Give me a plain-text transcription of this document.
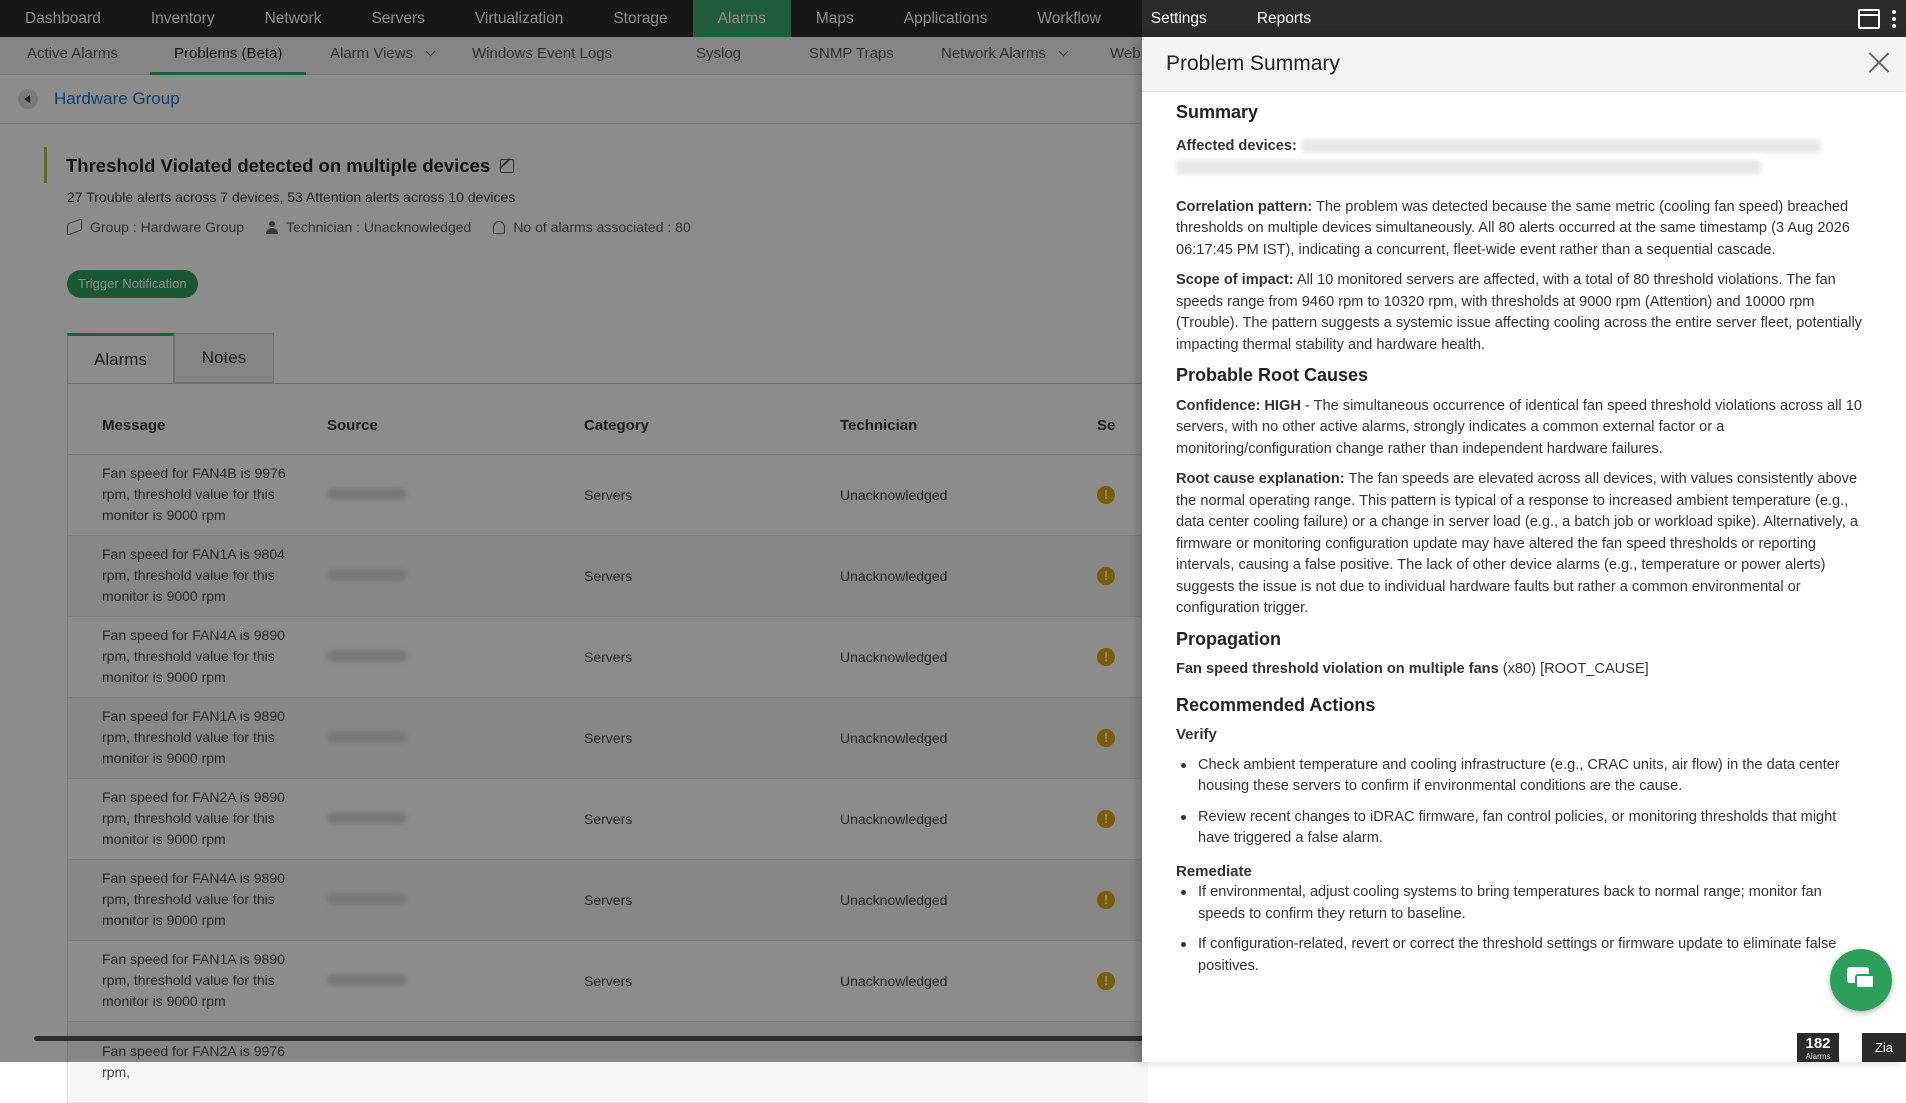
Dashboard	Inventory	Network	Servers	Virtualization	Storage	Alarms	Maps	Applications	Workflow	Settings	Reports
Active Alarms	Problems (Beta)	Alarm Views	Windows Event Logs	Syslog	SNMP Traps	Network Alarms	Web
Hardware Group
Threshold Violated detected on multiple devices
27 Trouble alerts across 7 devices, 53 Attention alerts across 10 devices
Group : Hardware Group	Technician : Unacknowledged	No of alarms associated : 80
Trigger Notification
Alarms	Notes
Message	Source	Category	Technician	Se
Fan speed for FAN4B is 9976 rpm, threshold value for this monitor is 9000 rpm		Servers	Unacknowledged	!

Fan speed for FAN1A is 9804 rpm, threshold value for this monitor is 9000 rpm		Servers	Unacknowledged	!

Fan speed for FAN4A is 9890 rpm, threshold value for this monitor is 9000 rpm		Servers	Unacknowledged	!

Fan speed for FAN1A is 9890 rpm, threshold value for this monitor is 9000 rpm		Servers	Unacknowledged	!

Fan speed for FAN2A is 9890 rpm, threshold value for this monitor is 9000 rpm		Servers	Unacknowledged	!

Fan speed for FAN4A is 9890 rpm, threshold value for this monitor is 9000 rpm		Servers	Unacknowledged	!

Fan speed for FAN1A is 9890 rpm, threshold value for this monitor is 9000 rpm		Servers	Unacknowledged	!

Fan speed for FAN2A is 9976 rpm,				
Problem Summary
Summary
Affected devices:

Correlation pattern: The problem was detected because the same metric (cooling fan speed) breached thresholds on multiple devices simultaneously. All 80 alerts occurred at the same timestamp (3 Aug 2026 06:17:45 PM IST), indicating a concurrent, fleet-wide event rather than a sequential cascade.
Scope of impact: All 10 monitored servers are affected, with a total of 80 threshold violations. The fan speeds range from 9460 rpm to 10320 rpm, with thresholds at 9000 rpm (Attention) and 10000 rpm (Trouble). The pattern suggests a systemic issue affecting cooling across the entire server fleet, potentially impacting thermal stability and hardware health.
Probable Root Causes
Confidence: HIGH - The simultaneous occurrence of identical fan speed threshold violations across all 10 servers, with no other active alarms, strongly indicates a common external factor or a monitoring/configuration change rather than independent hardware failures.
Root cause explanation: The fan speeds are elevated across all devices, with values consistently above the normal operating range. This pattern is typical of a response to increased ambient temperature (e.g., data center cooling failure) or a change in server load (e.g., a batch job or workload spike). Alternatively, a firmware or monitoring configuration update may have altered the fan speed thresholds or reporting intervals, causing a false positive. The lack of other device alarms (e.g., temperature or power alerts) suggests the issue is not due to individual hardware faults but rather a common environmental or configuration trigger.
Propagation
Fan speed threshold violation on multiple fans (x80) [ROOT_CAUSE]
Recommended Actions
Verify
Check ambient temperature and cooling infrastructure (e.g., CRAC units, air flow) in the data center housing these servers to confirm if environmental conditions are the cause.
Review recent changes to iDRAC firmware, fan control policies, or monitoring thresholds that might have triggered a false alarm.
Remediate
If environmental, adjust cooling systems to bring temperatures back to normal range; monitor fan speeds to confirm they return to baseline.
If configuration-related, revert or correct the threshold settings or firmware update to eliminate false positives.
182
Alarms
Zia
